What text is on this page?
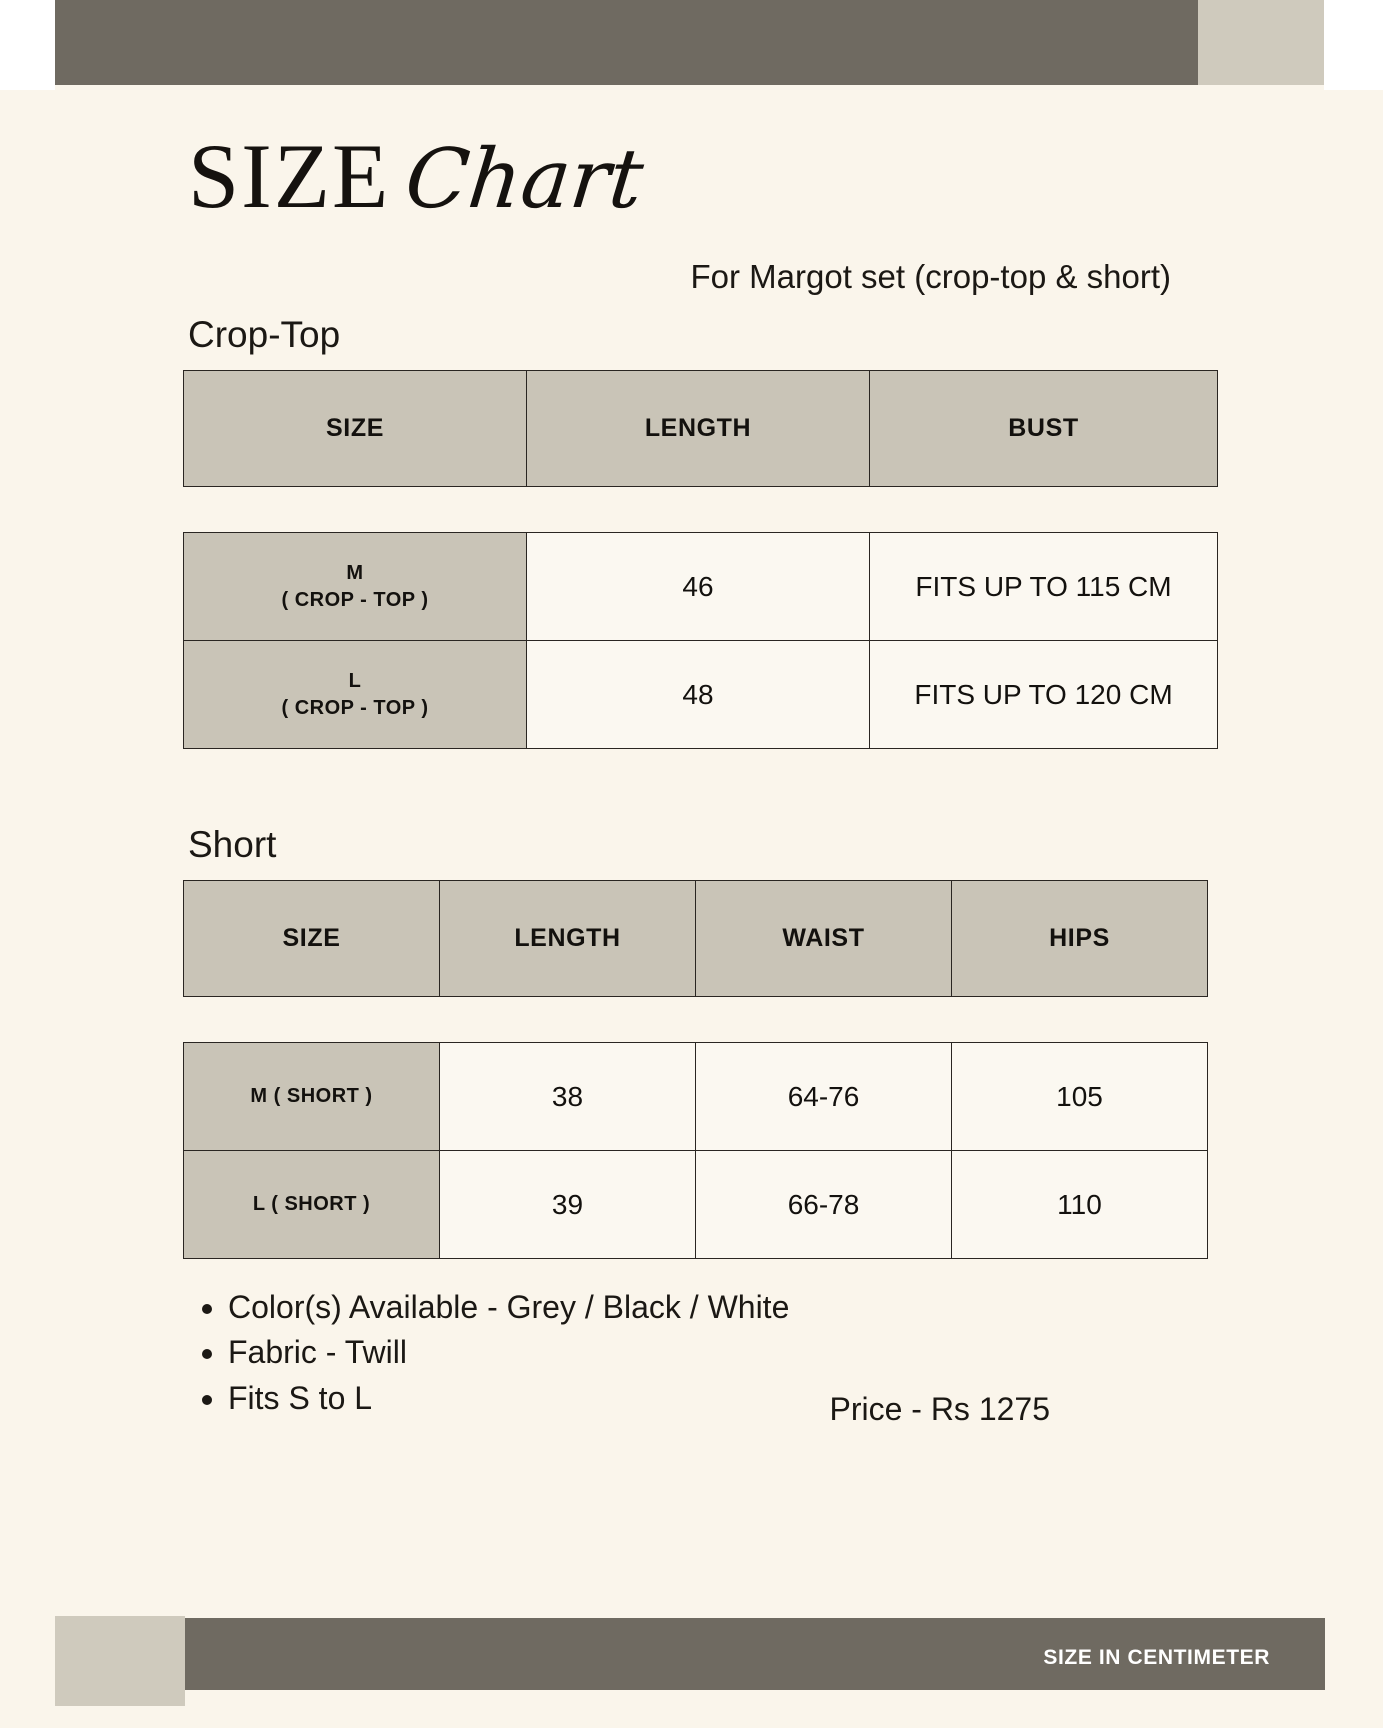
SIZE Chart
For Margot set (crop-top & short)
Crop-Top
SIZE	LENGTH	BUST
M
( CROP - TOP )	46	FITS UP TO 115 CM
L
( CROP - TOP )	48	FITS UP TO 120 CM
Short
SIZE	LENGTH	WAIST	HIPS
M ( SHORT )	38	64-76	105
L ( SHORT )	39	66-78	110
• Color(s) Available - Grey / Black / White
• Fabric - Twill
• Fits S to L	Price - Rs 1275
SIZE IN CENTIMETER
